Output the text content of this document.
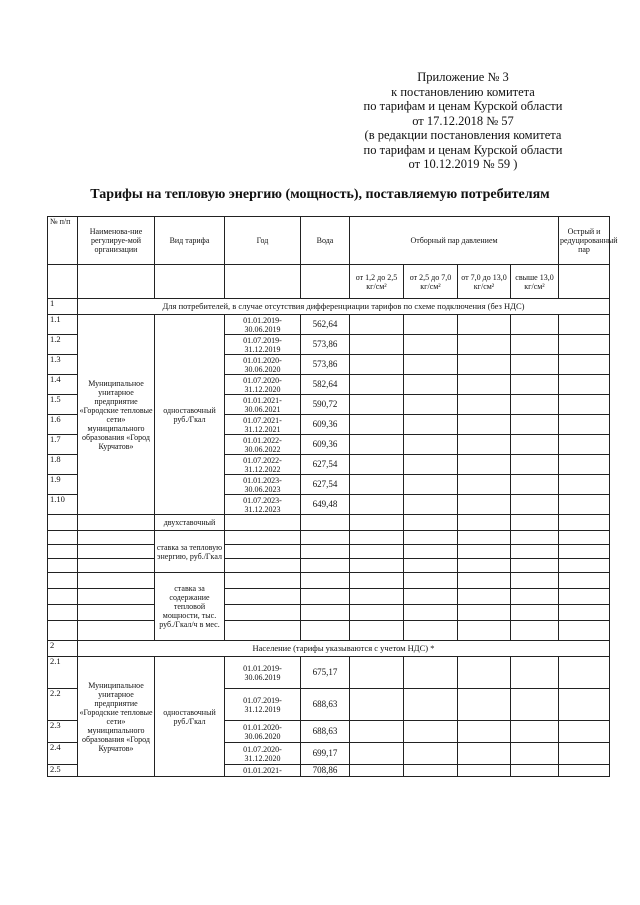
Приложение № 3
к постановлению комитета
по тарифам и ценам Курской области
от 17.12.2018 № 57
(в редакции постановления комитета
по тарифам и ценам Курской области
от 10.12.2019 № 59 )
Тарифы на тепловую энергию (мощность), поставляемую потребителям
№ п/п	Наименова-ние регулируе-мой организации	Вид тарифа	Год	Вода	Отборный пар давлением				Острый и редуцированный пар
					от 1,2 до 2,5 кг/см²	от 2,5 до 7,0 кг/см²	от 7,0 до 13,0 кг/см²	свыше 13,0 кг/см²	
1	Для потребителей, в случае отсутствия дифференциации тарифов по схеме подключения (без НДС)								
1.1	Муниципальное унитарное предприятие «Городские тепловые сети» муниципального образования «Город Курчатов»	одноставочный руб./Гкал	01.01.2019-30.06.2019	562,64					
1.2			01.07.2019-31.12.2019	573,86					
1.3			01.01.2020-30.06.2020	573,86					
1.4			01.07.2020-31.12.2020	582,64					
1.5			01.01.2021-30.06.2021	590,72					
1.6			01.07.2021-31.12.2021	609,36					
1.7			01.01.2022-30.06.2022	609,36					
1.8			01.07.2022-31.12.2022	627,54					
1.9			01.01.2023-30.06.2023	627,54					
1.10			01.07.2023-31.12.2023	649,48					
		двухставочный							
		ставка за тепловую энергию, руб./Гкал							

		ставка за содержание тепловой мощности, тыс. руб./Гкал/ч в мес.							

2	Население (тарифы указываются с учетом НДС) *								
2.1	Муниципальное унитарное предприятие «Городские тепловые сети» муниципального образования «Город Курчатов»	одноставочный руб./Гкал	01.01.2019-30.06.2019	675,17					
2.2			01.07.2019-31.12.2019	688,63					
2.3			01.01.2020-30.06.2020	688,63					
2.4			01.07.2020-31.12.2020	699,17					
2.5			01.01.2021-	708,86					
